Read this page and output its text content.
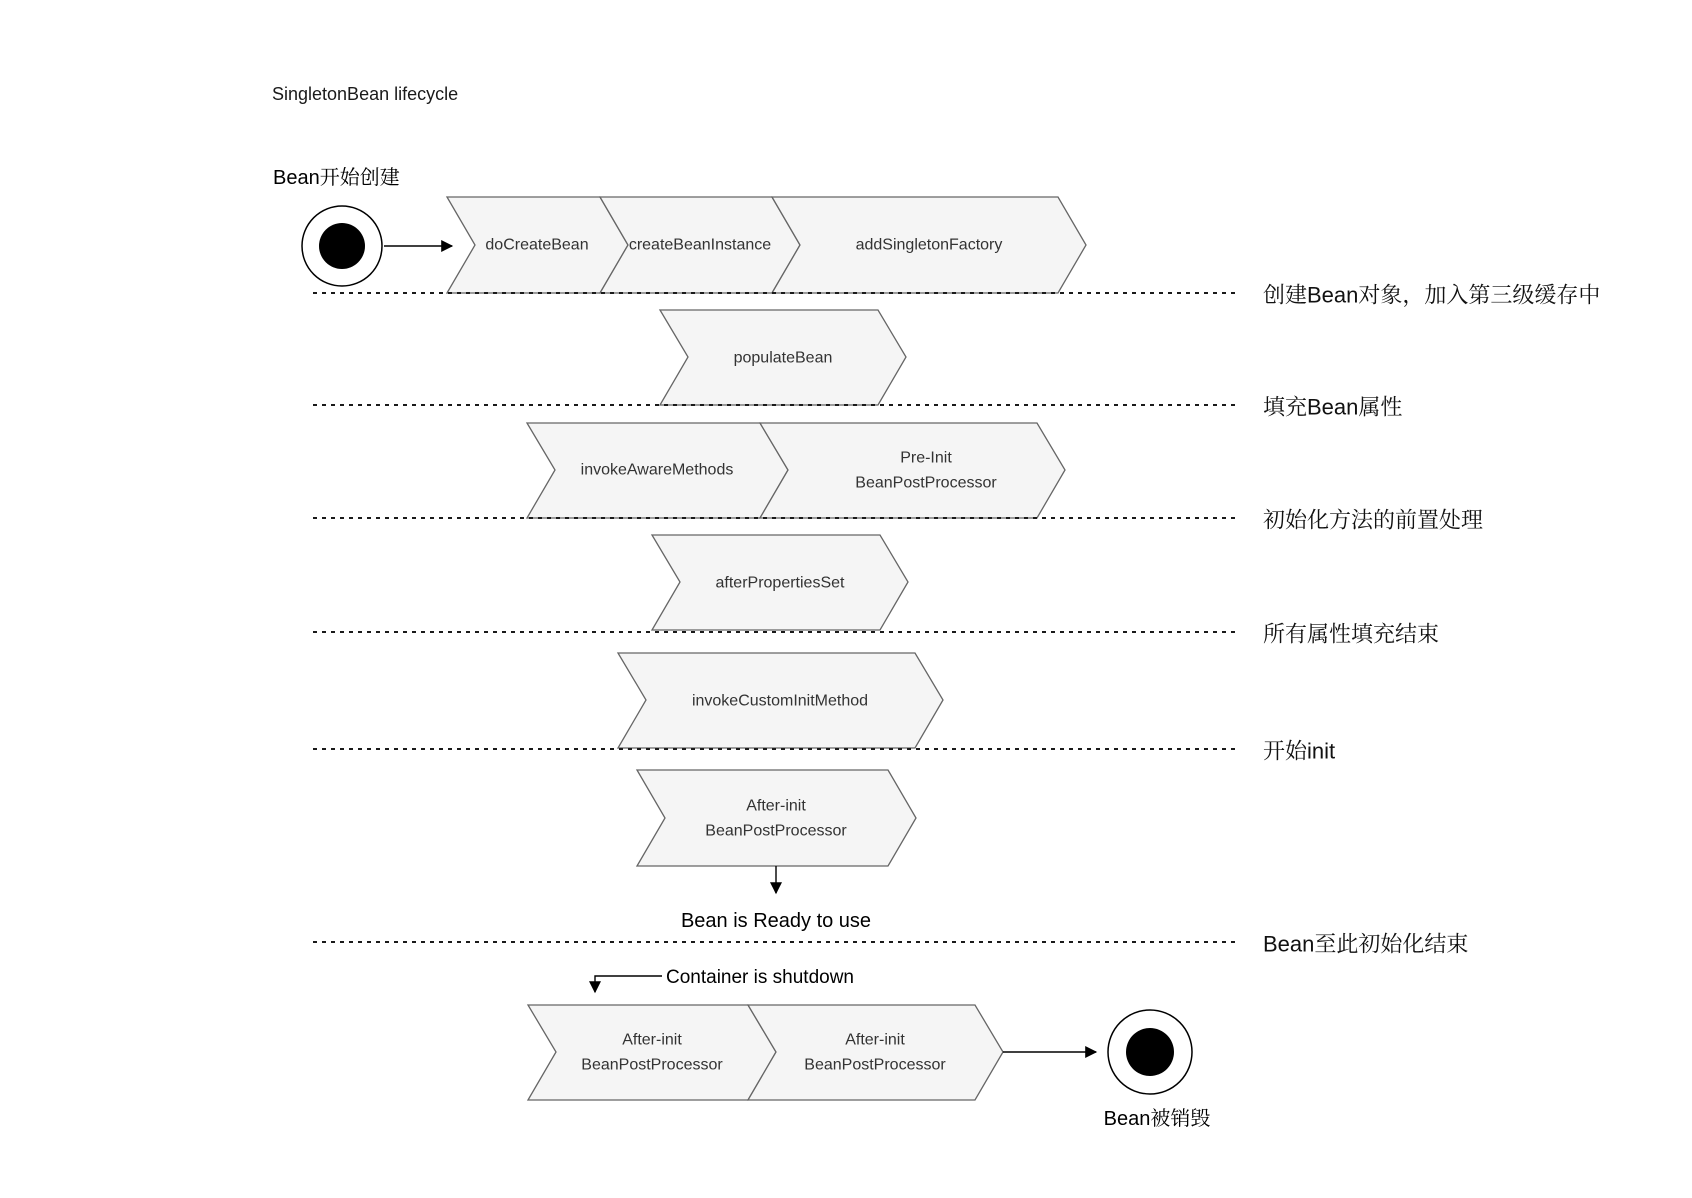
SingletonBean lifecycle
Bean开始创建
doCreateBean	createBeanInstance	addSingletonFactory
populateBean
invokeAwareMethods
Pre-Init
BeanPostProcessor
afterPropertiesSet
invokeCustomInitMethod
After-init
BeanPostProcessor
Bean is Ready to use
Container is shutdown
After-init
BeanPostProcessor
After-init
BeanPostProcessor
Bean被销毁
创建Bean对象，加入第三级缓存中
填充Bean属性
初始化方法的前置处理
所有属性填充结束
开始init
Bean至此初始化结束
